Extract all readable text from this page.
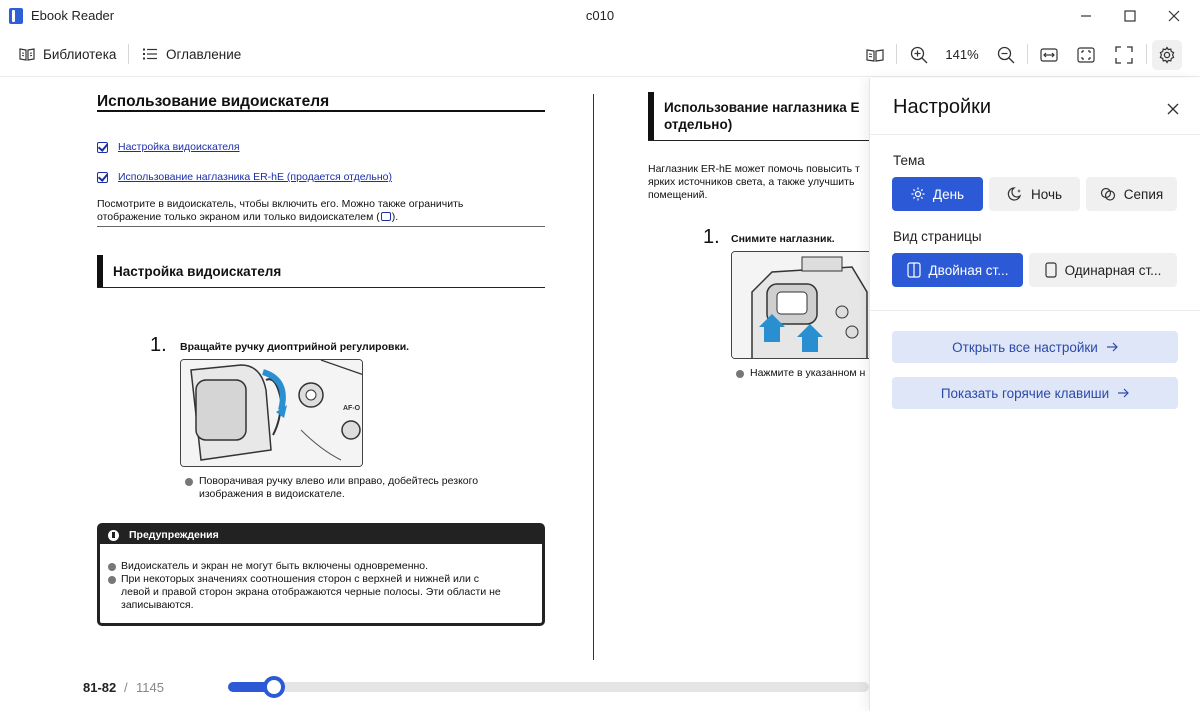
Ebook Reader	c010
Библиотека	Оглавление	141%
Использование видоискателя
Настройка видоискателя
Использование наглазника ER-hE (продается отдельно)
Посмотрите в видоискатель, чтобы включить его. Можно также ограничить
отображение только экраном или только видоискателем ( ).
Настройка видоискателя
1. Вращайте ручку диоптрийной регулировки.
AF-O
Поворачивая ручку влево или вправо, добейтесь резкого
изображения в видоискателе.
Предупреждения
Видоискатель и экран не могут быть включены одновременно.
При некоторых значениях соотношения сторон с верхней и нижней или с
левой и правой сторон экрана отображаются черные полосы. Эти области не
записываются.
Использование наглазника E
отдельно)
Наглазник ER-hE может помочь повысить т
ярких источников света, а также улучшить
помещений.
1. Снимите наглазник.
Нажмите в указанном н
81-82 / 1145
Настройки
Тема
День	Ночь	Сепия
Вид страницы
Двойная ст...	Одинарная ст...
Открыть все настройки
Показать горячие клавиши
